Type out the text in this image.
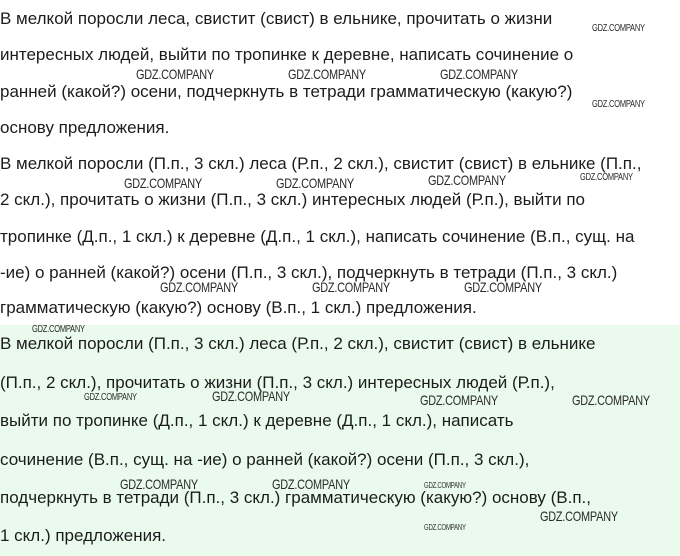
В мелкой поросли леса, свистит (свист) в ельнике, прочитать о жизни
интересных людей, выйти по тропинке к деревне, написать сочинение о
ранней (какой?) осени, подчеркнуть в тетради грамматическую (какую?)
основу предложения.
В мелкой поросли (П.п., 3 скл.) леса (Р.п., 2 скл.), свистит (свист) в ельнике (П.п.,
2 скл.), прочитать о жизни (П.п., 3 скл.) интересных людей (Р.п.), выйти по
тропинке (Д.п., 1 скл.) к деревне (Д.п., 1 скл.), написать сочинение (В.п., сущ. на
-ие) о ранней (какой?) осени (П.п., 3 скл.), подчеркнуть в тетради (П.п., 3 скл.)
грамматическую (какую?) основу (В.п., 1 скл.) предложения.
В мелкой поросли (П.п., 3 скл.) леса (Р.п., 2 скл.), свистит (свист) в ельнике
(П.п., 2 скл.), прочитать о жизни (П.п., 3 скл.) интересных людей (Р.п.),
выйти по тропинке (Д.п., 1 скл.) к деревне (Д.п., 1 скл.), написать
сочинение (В.п., сущ. на -ие) о ранней (какой?) осени (П.п., 3 скл.),
подчеркнуть в тетради (П.п., 3 скл.) грамматическую (какую?) основу (В.п.,
1 скл.) предложения.
GDZ.COMPANY
GDZ.COMPANY	GDZ.COMPANY	GDZ.COMPANY
GDZ.COMPANY
GDZ.COMPANY	GDZ.COMPANY	GDZ.COMPANY	GDZ.COMPANY
GDZ.COMPANY	GDZ.COMPANY	GDZ.COMPANY
GDZ.COMPANY
GDZ.COMPANY	GDZ.COMPANY	GDZ.COMPANY	GDZ.COMPANY
GDZ.COMPANY	GDZ.COMPANY	GDZ.COMPANY
GDZ.COMPANY
GDZ.COMPANY
